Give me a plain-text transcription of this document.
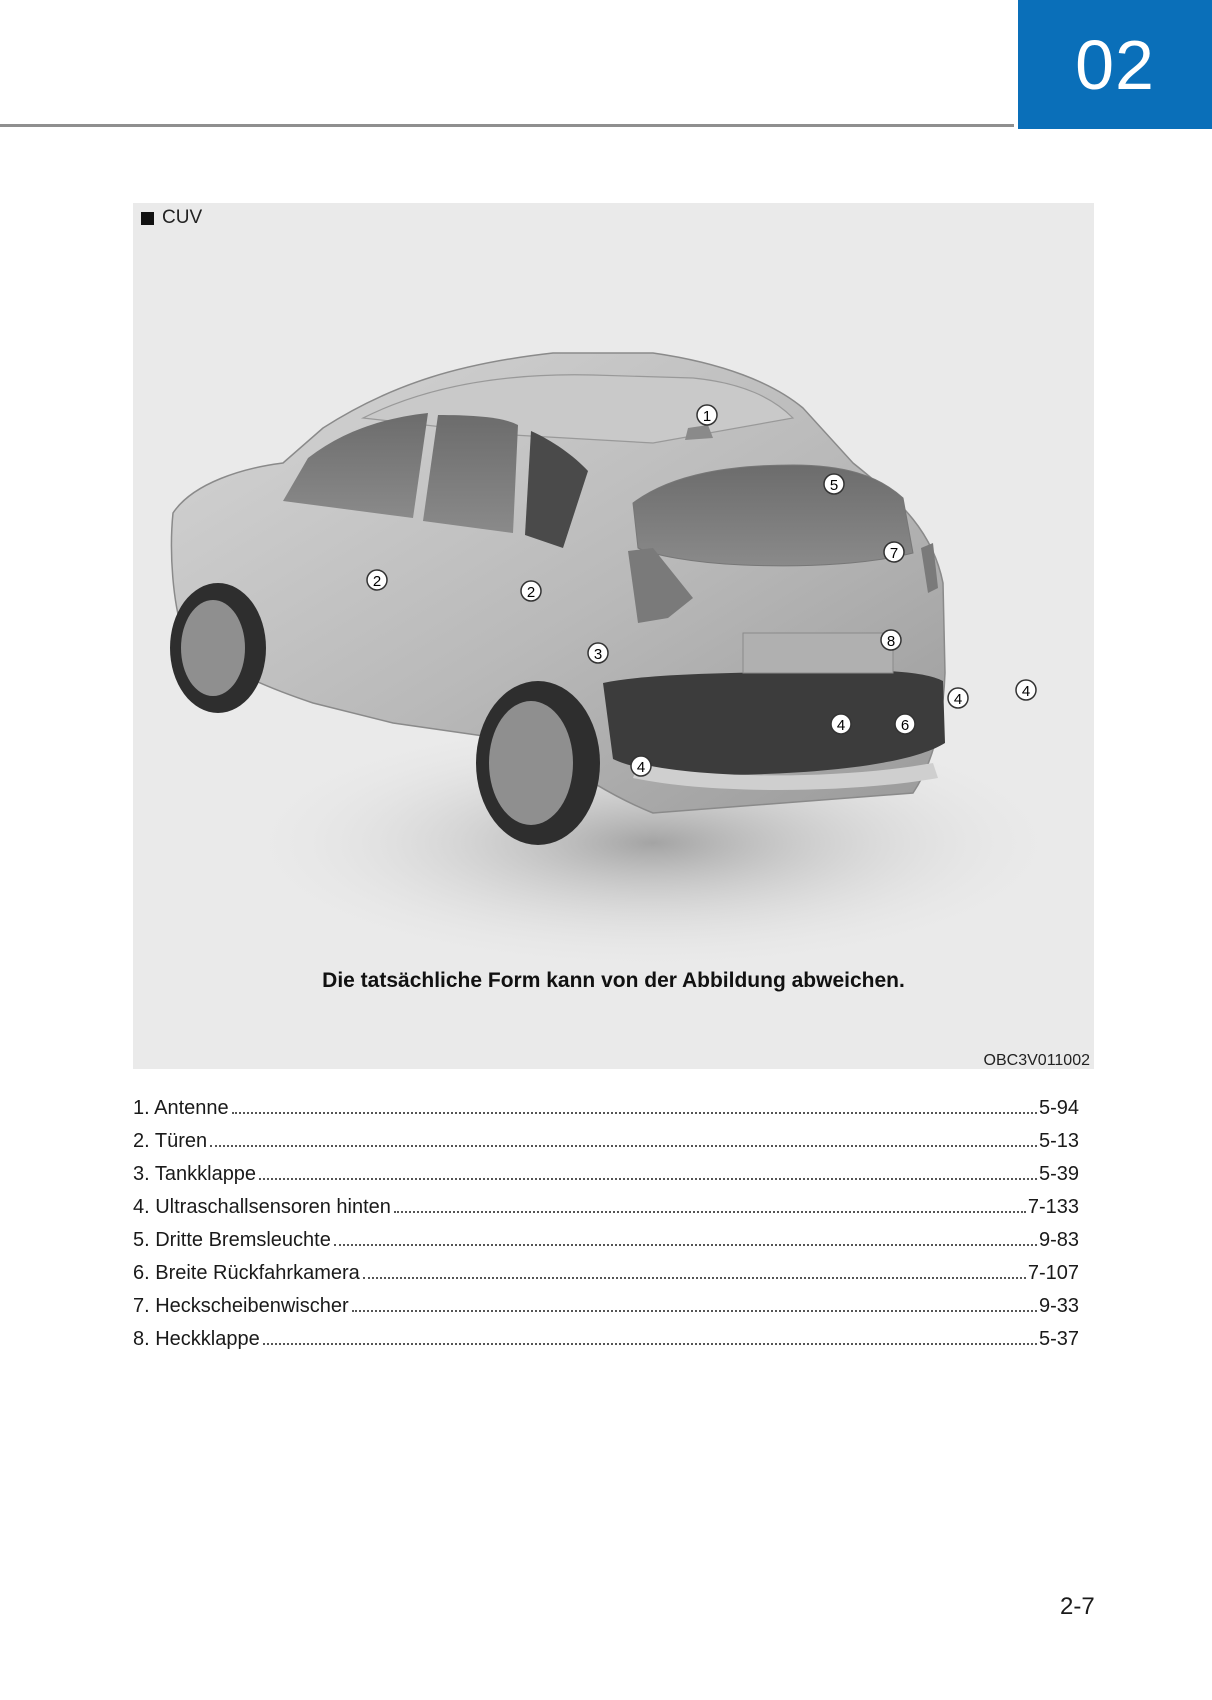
02
1
2
2
3
4
4
4	4
5
6
7
8
CUV
Die tatsächliche Form kann von der Abbildung abweichen.
OBC3V011002
1. Antenne	5-94
2. Türen	5-13
3. Tankklappe	5-39
4. Ultraschallsensoren hinten	7-133
5. Dritte Bremsleuchte	9-83
6. Breite Rückfahrkamera	7-107
7. Heckscheibenwischer	9-33
8. Heckklappe	5-37
2-7
